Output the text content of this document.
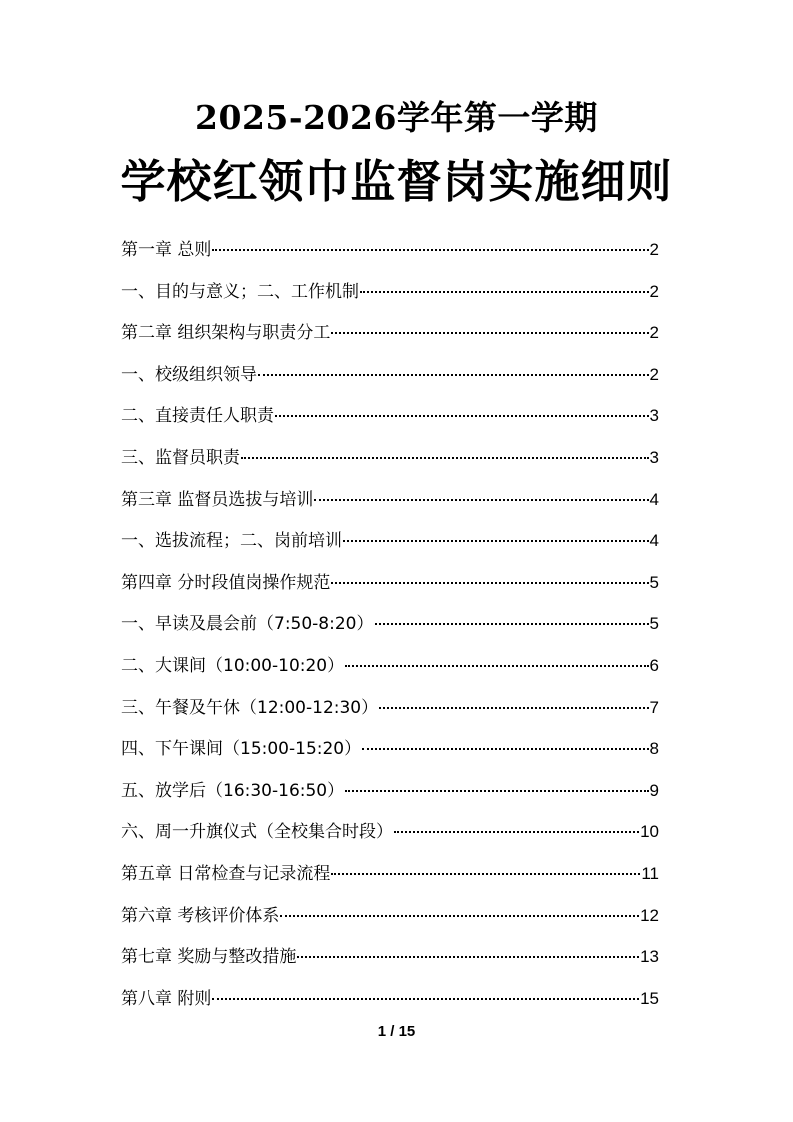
2025-2026学年第一学期
学校红领巾监督岗实施细则
第一章 总则	2
一、目的与意义；二、工作机制	2
第二章 组织架构与职责分工	2
一、校级组织领导	2
二、直接责任人职责	3
三、监督员职责	3
第三章 监督员选拔与培训	4
一、选拔流程；二、岗前培训	4
第四章 分时段值岗操作规范	5
一、早读及晨会前（7:50-8:20）	5
二、大课间（10:00-10:20）	6
三、午餐及午休（12:00-12:30）	7
四、下午课间（15:00-15:20）	8
五、放学后（16:30-16:50）	9
六、周一升旗仪式（全校集合时段）	10
第五章 日常检查与记录流程	11
第六章 考核评价体系	12
第七章 奖励与整改措施	13
第八章 附则	15
1 / 15
